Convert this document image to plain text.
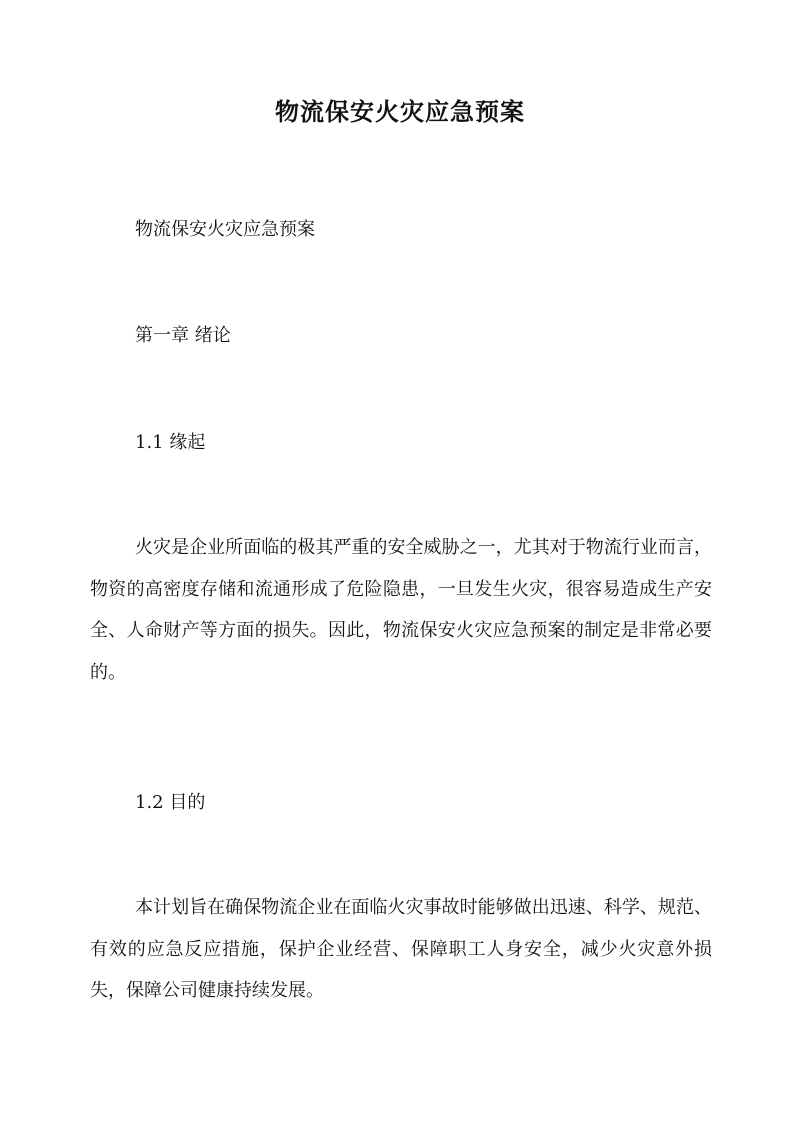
物流保安火灾应急预案

物流保安火灾应急预案

第一章 绪论

1.1 缘起

火灾是企业所面临的极其严重的安全威胁之一，尤其对于物流行业而言，物资的高密度存储和流通形成了危险隐患，一旦发生火灾，很容易造成生产安全、人命财产等方面的损失。因此，物流保安火灾应急预案的制定是非常必要的。

1.2 目的

本计划旨在确保物流企业在面临火灾事故时能够做出迅速、科学、规范、有效的应急反应措施，保护企业经营、保障职工人身安全，减少火灾意外损失，保障公司健康持续发展。
